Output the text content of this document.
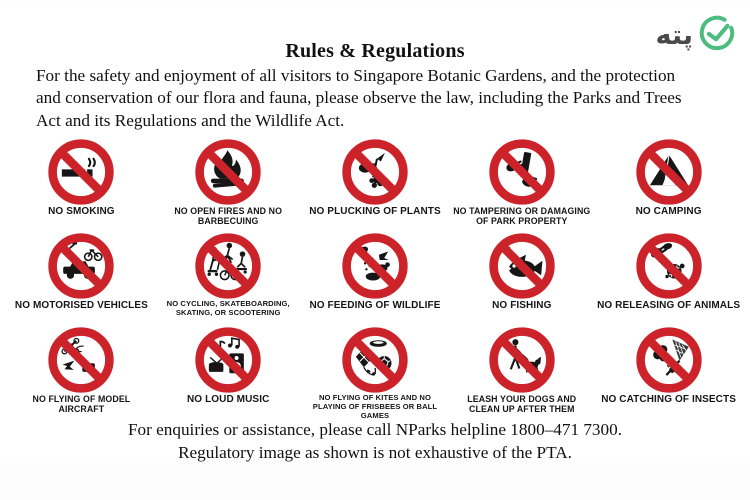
Rules & Regulations
For the safety and enjoyment of all visitors to Singapore Botanic Gardens, and the protection
and conservation of our flora and fauna, please observe the law, including the Parks and Trees
Act and its Regulations and the Wildlife Act.
NO SMOKING	NO OPEN FIRES AND NO BARBECUING
NO PLUCKING OF PLANTS NO TAMPERING OR DAMAGING OF PARK PROPERTY
NO CAMPING
NO MOTORISED VEHICLES	NO CYCLING, SKATEBOARDING, SKATING, OR SCOOTERING
NO FEEDING OF WILDLIFE	NO FISHING	NO RELEASING OF ANIMALS
NO FLYING OF MODEL AIRCRAFT
NO LOUD MUSIC	NO FLYING OF KITES AND NO PLAYING OF FRISBEES OR BALL GAMES
LEASH YOUR DOGS AND CLEAN UP AFTER THEM
NO CATCHING OF INSECTS
For enquiries or assistance, please call NParks helpline 1800–471 7300.
Regulatory image as shown is not exhaustive of the PTA.
پته
